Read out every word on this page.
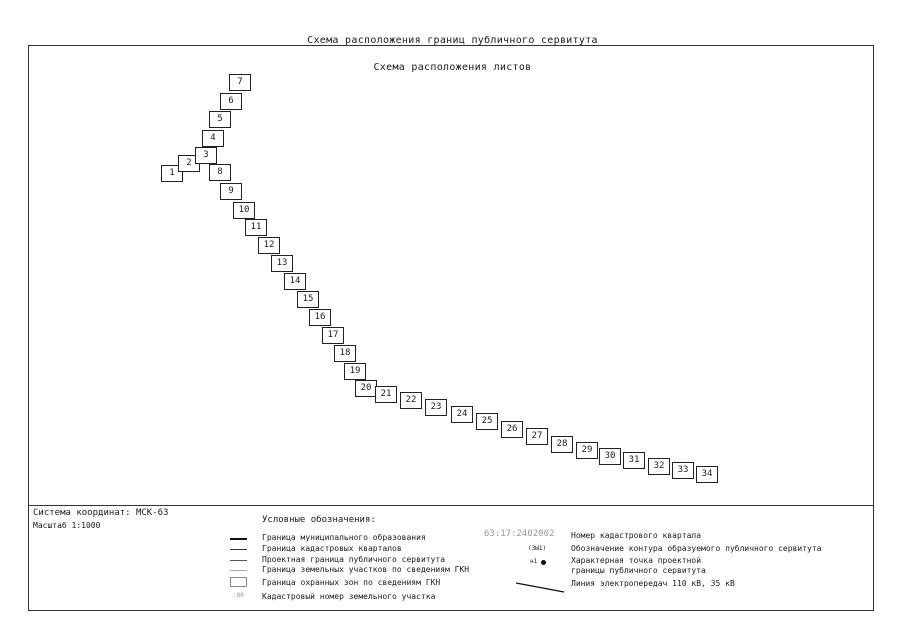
Схема расположения границ публичного сервитута
Схема расположения листов
1
2
3
4
5
6
7
8
9
10
11
12
13
14
15
16
17
18
19
20
21
22
23
24
25
26
27
28
29
30	31
32	33	34
Система координат: МСК-63
Масштаб 1:1000
Условные обозначения:
Граница муниципального образования
Граница кадастровых кварталов
Проектная граница публичного сервитута
Граница земельных участков по сведениям ГКН
Граница охранных зон по сведениям ГКН
:80 Кадастровый номер земельного участка
63:17:2402002 Номер кадастрового квартала
(ЗЫ1)	Обозначение контура образуемого публичного сервитута
н1	Характерная точка проектной границы публичного сервитута
Линия электропередач 110 кВ, 35 кВ
